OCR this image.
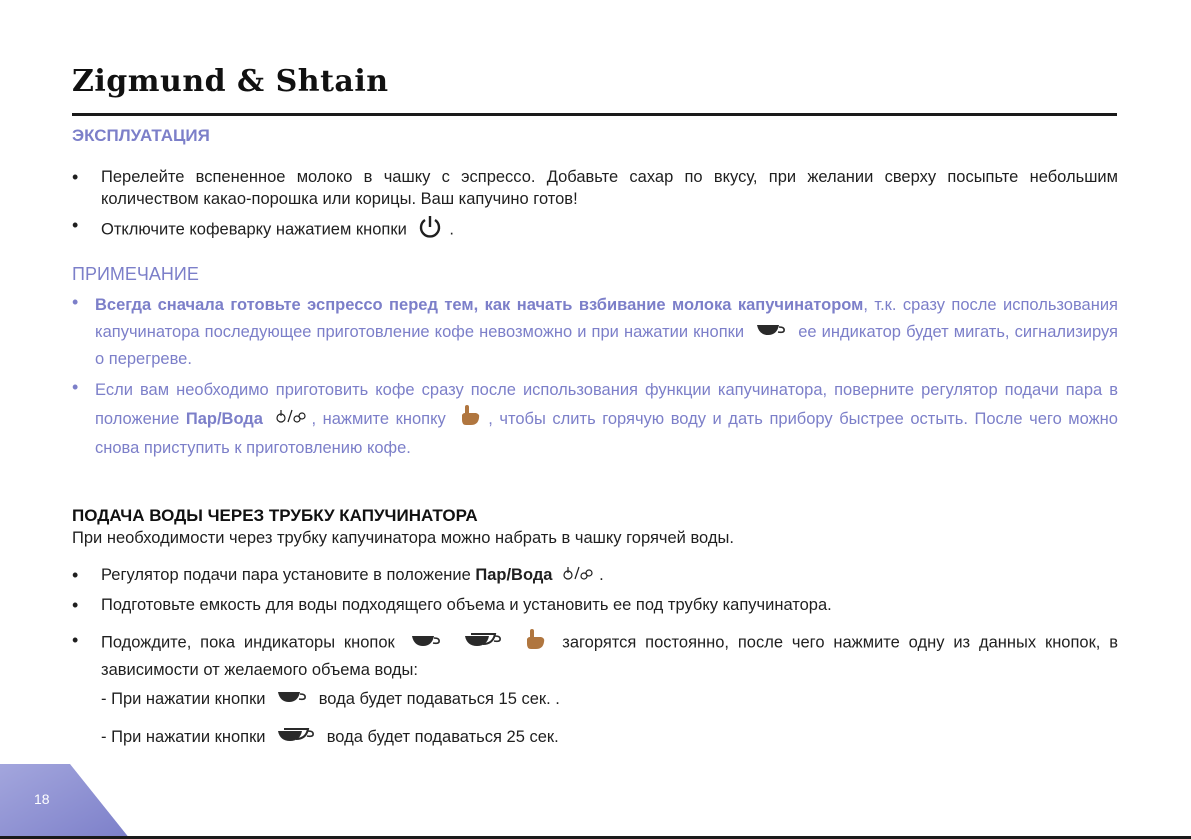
Zigmund & Shtain
ЭКСПЛУАТАЦИЯ
•	Перелейте вспененное молоко в чашку с эспрессо. Добавьте сахар по вкусу, при желании сверху посыпьте небольшим количеством какао-порошка или корицы. Ваш капучино готов!
•	Отключите кофеварку нажатием кнопки	.
ПРИМЕЧАНИЕ
• Всегда сначала готовьте эспрессо перед тем, как начать взбивание молока капучинатором, т.к. сразу после использования капучинатора последующее приготовление кофе невозможно и при нажатии кнопки	ее индикатор будет мигать, сигнализируя о перегреве.
• Если вам необходимо приготовить кофе сразу после использования функции капучинатора, поверните регулятор подачи пара в положение Пар/Вода	, нажмите кнопку	, чтобы слить горячую воду и дать прибору быстрее остыть. После чего можно снова приступить к приготовлению кофе.
ПОДАЧА ВОДЫ ЧЕРЕЗ ТРУБКУ КАПУЧИНАТОРА
При необходимости через трубку капучинатора можно набрать в чашку горячей воды.
•	Регулятор подачи пара установите в положение Пар/Вода	.
•	Подготовьте емкость для воды подходящего объема и установить ее под трубку капучинатора.
•	Подождите, пока индикаторы кнопок	загорятся постоянно, после чего нажмите одну из данных кнопок, в зависимости от желаемого объема воды:
- При нажатии кнопки	вода будет подаваться 15 сек. .
- При нажатии кнопки	вода будет подаваться 25 сек.
18
